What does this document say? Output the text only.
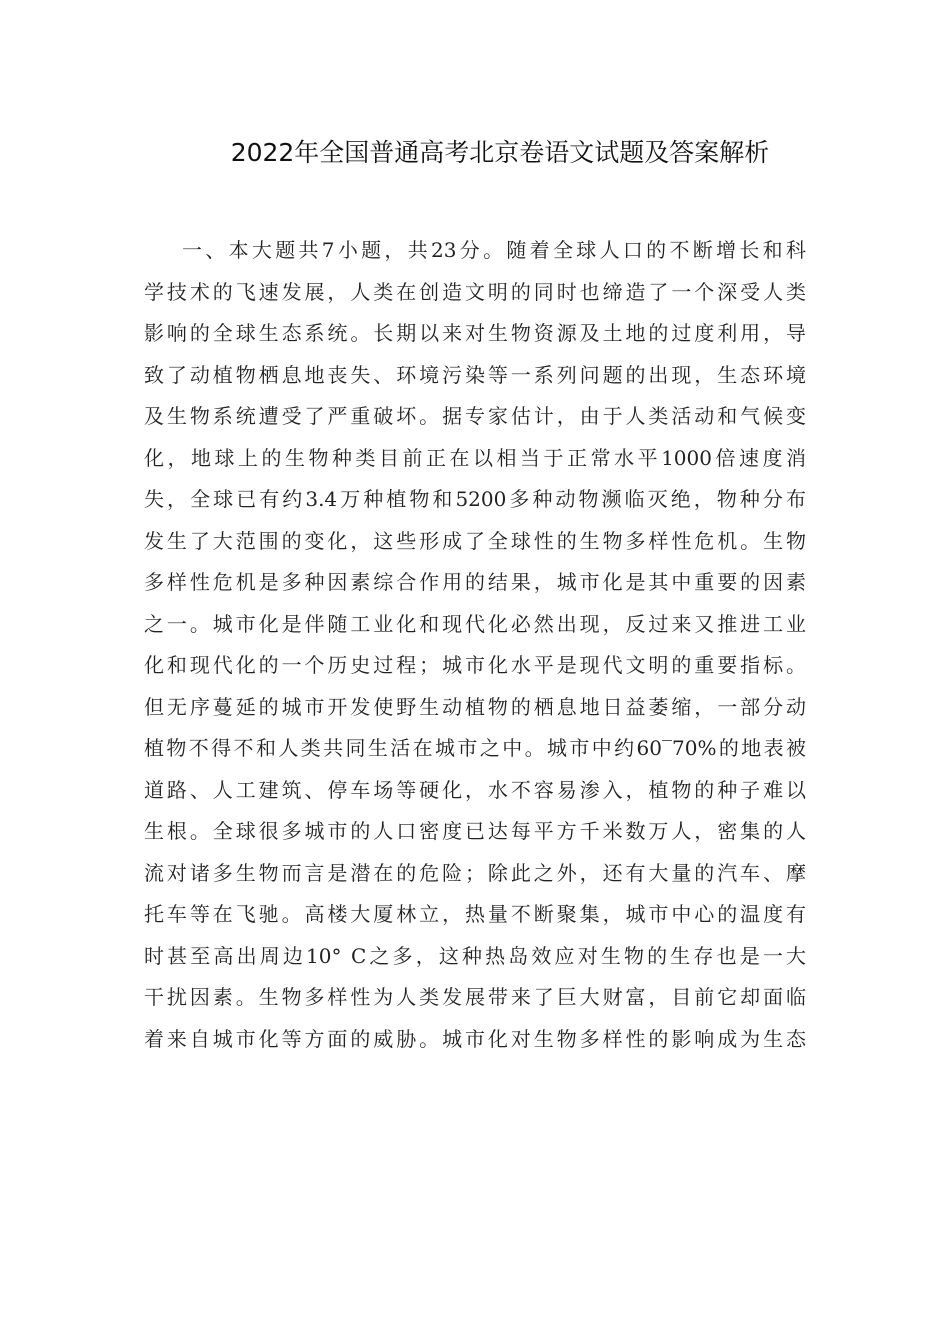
2022年全国普通高考北京卷语文试题及答案解析
一、本大题共7小题，共23分。随着全球人口的不断增长和科
学技术的飞速发展，人类在创造文明的同时也缔造了一个深受人类
影响的全球生态系统。长期以来对生物资源及土地的过度利用，导
致了动植物栖息地丧失、环境污染等一系列问题的出现，生态环境
及生物系统遭受了严重破坏。据专家估计，由于人类活动和气候变
化，地球上的生物种类目前正在以相当于正常水平1000倍速度消
失，全球已有约3.4万种植物和5200多种动物濒临灭绝，物种分布
发生了大范围的变化，这些形成了全球性的生物多样性危机。生物
多样性危机是多种因素综合作用的结果，城市化是其中重要的因素
之一。城市化是伴随工业化和现代化必然出现，反过来又推进工业
化和现代化的一个历史过程；城市化水平是现代文明的重要指标。
但无序蔓延的城市开发使野生动植物的栖息地日益萎缩，一部分动
植物不得不和人类共同生活在城市之中。城市中约60‾70%的地表被
道路、人工建筑、停车场等硬化，水不容易渗入，植物的种子难以
生根。全球很多城市的人口密度已达每平方千米数万人，密集的人
流对诸多生物而言是潜在的危险；除此之外，还有大量的汽车、摩
托车等在飞驰。高楼大厦林立，热量不断聚集，城市中心的温度有
时甚至高出周边10° C之多，这种热岛效应对生物的生存也是一大
干扰因素。生物多样性为人类发展带来了巨大财富，目前它却面临
着来自城市化等方面的威胁。城市化对生物多样性的影响成为生态
